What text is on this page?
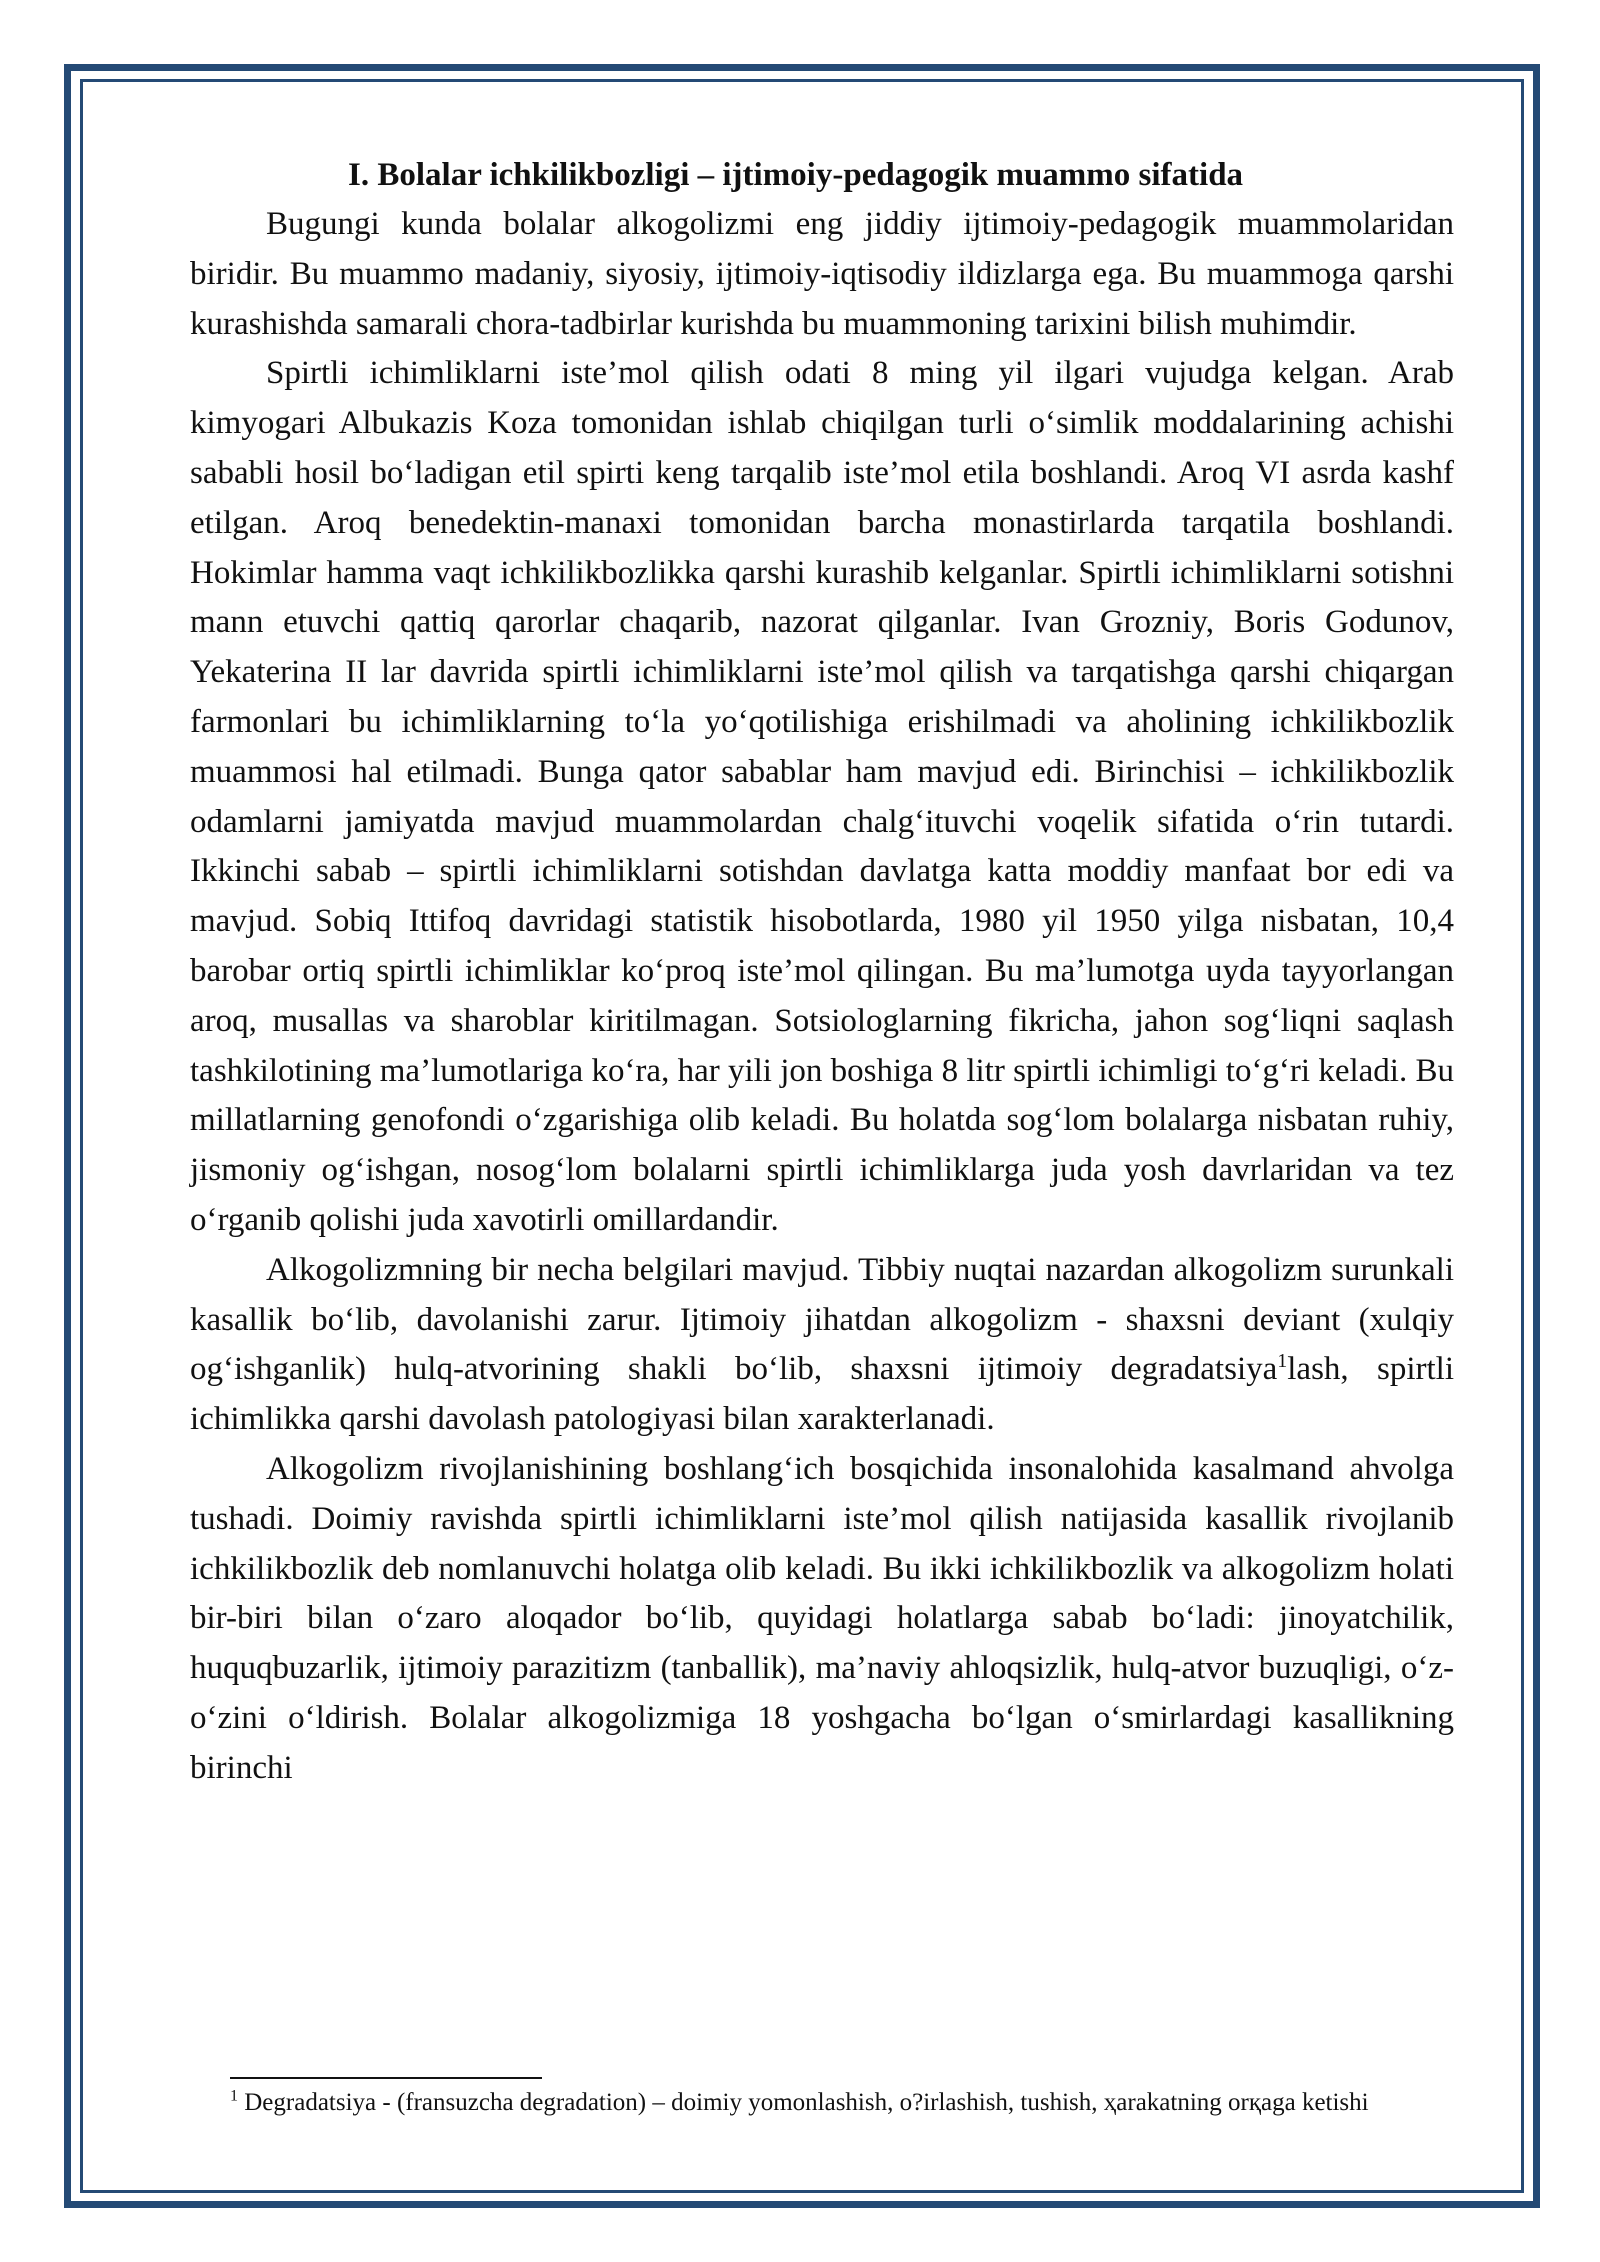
I. Bolalar ichkilikbozligi – ijtimoiy-pedagogik muammo sifatida

Bugungi kunda bolalar alkogolizmi eng jiddiy ijtimoiy-pedagogik muammolaridan biridir. Bu muammo madaniy, siyosiy, ijtimoiy-iqtisodiy ildizlarga ega. Bu muammoga qarshi kurashishda samarali chora-tadbirlar kurishda bu muammoning tarixini bilish muhimdir.

Spirtli ichimliklarni iste’mol qilish odati 8 ming yil ilgari vujudga kelgan. Arab kimyogari Albukazis Koza tomonidan ishlab chiqilgan turli o‘simlik moddalarining achishi sababli hosil bo‘ladigan etil spirti keng tarqalib iste’mol etila boshlandi. Aroq VI asrda kashf etilgan. Aroq benedektin-manaxi tomonidan barcha monastirlarda tarqatila boshlandi. Hokimlar hamma vaqt ichkilikbozlikka qarshi kurashib kelganlar. Spirtli ichimliklarni sotishni mann etuvchi qattiq qarorlar chaqarib, nazorat qilganlar. Ivan Grozniy, Boris Godunov, Yekaterina II lar davrida spirtli ichimliklarni iste’mol qilish va tarqatishga qarshi chiqargan farmonlari bu ichimliklarning to‘la yo‘qotilishiga erishilmadi va aholining ichkilikbozlik muammosi hal etilmadi. Bunga qator sabablar ham mavjud edi. Birinchisi – ichkilikbozlik odamlarni jamiyatda mavjud muammolardan chalg‘ituvchi voqelik sifatida o‘rin tutardi. Ikkinchi sabab – spirtli ichimliklarni sotishdan davlatga katta moddiy manfaat bor edi va mavjud. Sobiq Ittifoq davridagi statistik hisobotlarda, 1980 yil 1950 yilga nisbatan, 10,4 barobar ortiq spirtli ichimliklar ko‘proq iste’mol qilingan. Bu ma’lumotga uyda tayyorlangan aroq, musallas va sharoblar kiritilmagan. Sotsiologlarning fikricha, jahon sog‘liqni saqlash tashkilotining ma’lumotlariga ko‘ra, har yili jon boshiga 8 litr spirtli ichimligi to‘g‘ri keladi. Bu millatlarning genofondi o‘zgarishiga olib keladi. Bu holatda sog‘lom bolalarga nisbatan ruhiy, jismoniy og‘ishgan, nosog‘lom bolalarni spirtli ichimliklarga juda yosh davrlaridan va tez o‘rganib qolishi juda xavotirli omillardandir.

Alkogolizmning bir necha belgilari mavjud. Tibbiy nuqtai nazardan alkogolizm surunkali kasallik bo‘lib, davolanishi zarur. Ijtimoiy jihatdan alkogolizm - shaxsni deviant (xulqiy og‘ishganlik) hulq-atvorining shakli bo‘lib, shaxsni ijtimoiy degradatsiya$^1$lash, spirtli ichimlikka qarshi davolash patologiyasi bilan xarakterlanadi.

Alkogolizm rivojlanishining boshlang‘ich bosqichida insonalohida kasalmand ahvolga tushadi. Doimiy ravishda spirtli ichimliklarni iste’mol qilish natijasida kasallik rivojlanib ichkilikbozlik deb nomlanuvchi holatga olib keladi. Bu ikki ichkilikbozlik va alkogolizm holati bir-biri bilan o‘zaro aloqador bo‘lib, quyidagi holatlarga sabab bo‘ladi: jinoyatchilik, huquqbuzarlik, ijtimoiy parazitizm (tanballik), ma’naviy ahloqsizlik, hulq-atvor buzuqligi, o‘z-o‘zini o‘ldirish. Bolalar alkogolizmiga 18 yoshgacha bo‘lgan o‘smirlardagi kasallikning birinchi

$^1$ Degradatsiya - (fransuzcha degradation) – doimiy yomonlashish, o?irlashish, tushish, ҳarakatning orқaga ketishi
